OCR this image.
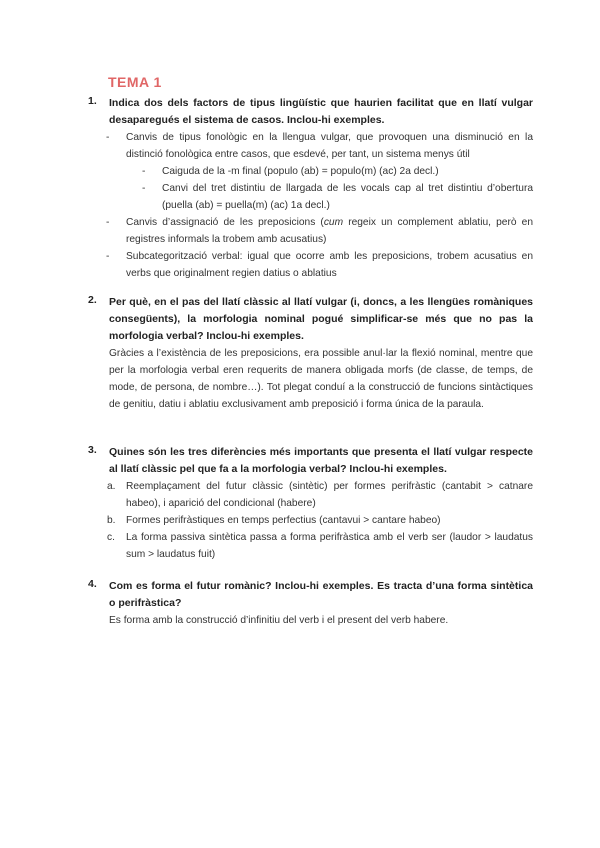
TEMA 1
1. Indica dos dels factors de tipus lingüístic que haurien facilitat que en llatí vulgar desaparegués el sistema de casos. Inclou-hi exemples.
- Canvis de tipus fonològic en la llengua vulgar, que provoquen una disminució en la distinció fonològica entre casos, que esdevé, per tant, un sistema menys útil
- Caiguda de la -m final (populo (ab) = populo(m) (ac) 2a decl.)
- Canvi del tret distintiu de llargada de les vocals cap al tret distintiu d’obertura (puella (ab) = puella(m) (ac) 1a decl.)
- Canvis d’assignació de les preposicions (cum regeix un complement ablatiu, però en registres informals la trobem amb acusatius)
- Subcategorització verbal: igual que ocorre amb les preposicions, trobem acusatius en verbs que originalment regien datius o ablatius
2. Per què, en el pas del llatí clàssic al llatí vulgar (i, doncs, a les llengües romàniques consegüents), la morfologia nominal pogué simplificar-se més que no pas la morfologia verbal? Inclou-hi exemples.
Gràcies a l’existència de les preposicions, era possible anul·lar la flexió nominal, mentre que per la morfologia verbal eren requerits de manera obligada morfs (de classe, de temps, de mode, de persona, de nombre…). Tot plegat conduí a la construcció de funcions sintàctiques de genitiu, datiu i ablatiu exclusivament amb preposició i forma única de la paraula.
3. Quines són les tres diferències més importants que presenta el llatí vulgar respecte al llatí clàssic pel que fa a la morfologia verbal? Inclou-hi exemples.
a. Reemplaçament del futur clàssic (sintètic) per formes perifràstic (cantabit > catnare habeo), i aparició del condicional (habere)
b. Formes perifràstiques en temps perfectius (cantavui > cantare habeo)
c. La forma passiva sintètica passa a forma perifràstica amb el verb ser (laudor > laudatus sum > laudatus fuit)
4. Com es forma el futur romànic? Inclou-hi exemples. Es tracta d’una forma sintètica o perifràstica?
Es forma amb la construcció d’infinitiu del verb i el present del verb habere.
